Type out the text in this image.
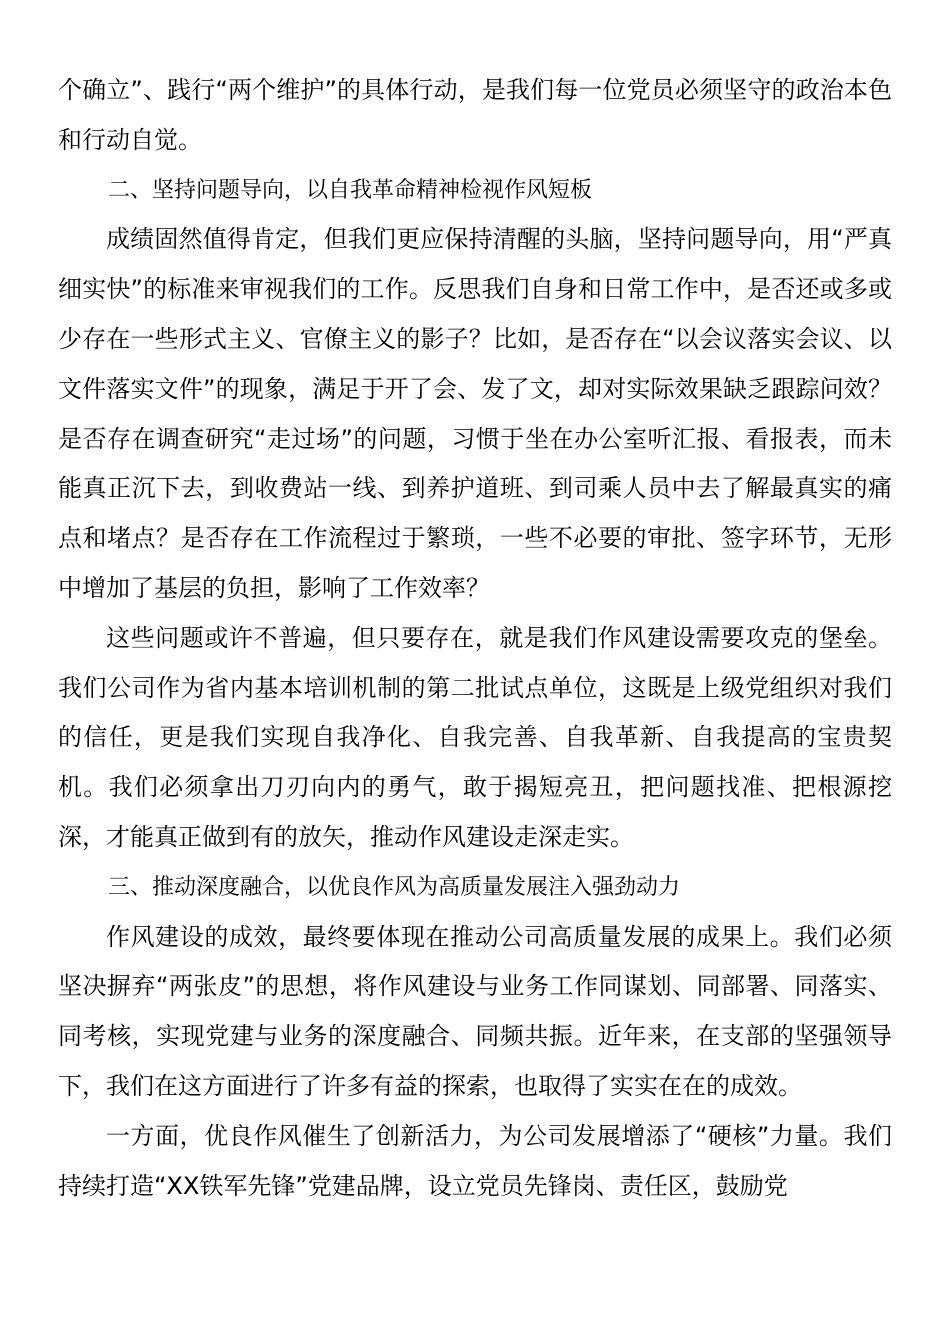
个确立”、践行“两个维护”的具体行动，是我们每一位党员必须坚守的政治本色和行动自觉。

二、坚持问题导向，以自我革命精神检视作风短板

成绩固然值得肯定，但我们更应保持清醒的头脑，坚持问题导向，用“严真细实快”的标准来审视我们的工作。反思我们自身和日常工作中，是否还或多或少存在一些形式主义、官僚主义的影子？比如，是否存在“以会议落实会议、以文件落实文件”的现象，满足于开了会、发了文，却对实际效果缺乏跟踪问效？是否存在调查研究“走过场”的问题，习惯于坐在办公室听汇报、看报表，而未能真正沉下去，到收费站一线、到养护道班、到司乘人员中去了解最真实的痛点和堵点？是否存在工作流程过于繁琐，一些不必要的审批、签字环节，无形中增加了基层的负担，影响了工作效率？

这些问题或许不普遍，但只要存在，就是我们作风建设需要攻克的堡垒。我们公司作为省内基本培训机制的第二批试点单位，这既是上级党组织对我们的信任，更是我们实现自我净化、自我完善、自我革新、自我提高的宝贵契机。我们必须拿出刀刃向内的勇气，敢于揭短亮丑，把问题找准、把根源挖深，才能真正做到有的放矢，推动作风建设走深走实。

三、推动深度融合，以优良作风为高质量发展注入强劲动力

作风建设的成效，最终要体现在推动公司高质量发展的成果上。我们必须坚决摒弃“两张皮”的思想，将作风建设与业务工作同谋划、同部署、同落实、同考核，实现党建与业务的深度融合、同频共振。近年来，在支部的坚强领导下，我们在这方面进行了许多有益的探索，也取得了实实在在的成效。

一方面，优良作风催生了创新活力，为公司发展增添了“硬核”力量。我们持续打造“XX铁军先锋”党建品牌，设立党员先锋岗、责任区，鼓励党
